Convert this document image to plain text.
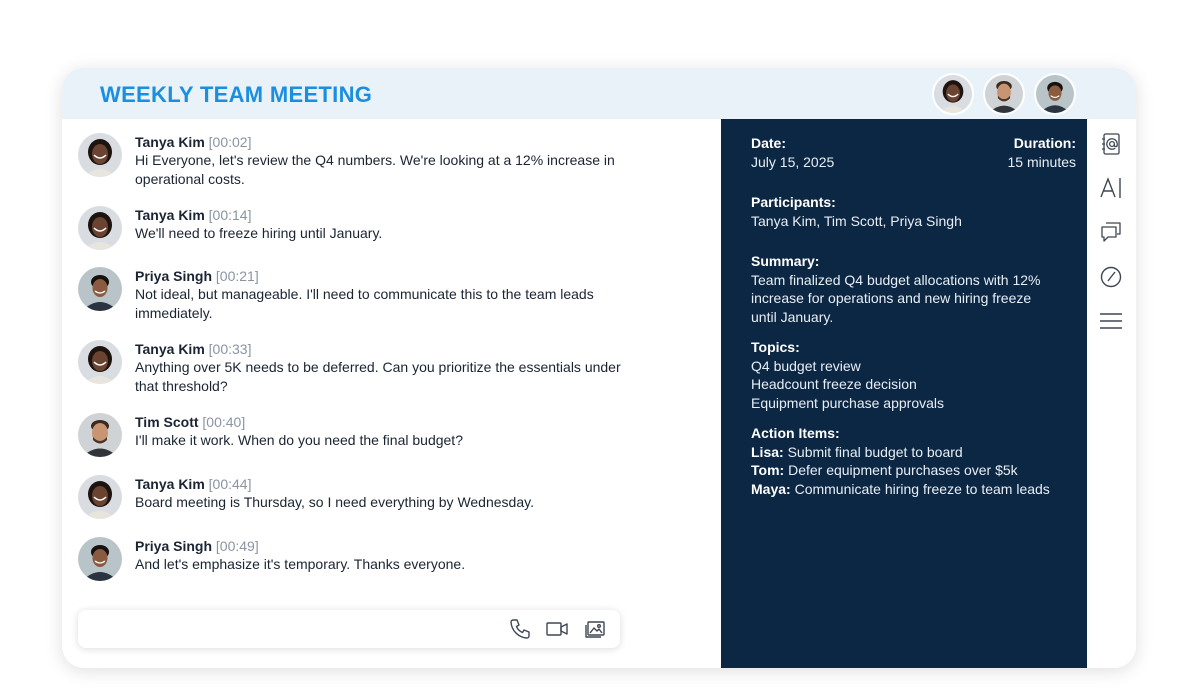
WEEKLY TEAM MEETING
Tanya Kim [00:02]
Hi Everyone, let's review the Q4 numbers. We're looking at a 12% increase in operational costs.
Tanya Kim [00:14]
We'll need to freeze hiring until January.
Priya Singh [00:21]
Not ideal, but manageable. I'll need to communicate this to the team leads immediately.
Tanya Kim [00:33]
Anything over 5K needs to be deferred. Can you prioritize the essentials under that threshold?
Tim Scott [00:40]
I'll make it work. When do you need the final budget?
Tanya Kim [00:44]
Board meeting is Thursday, so I need everything by Wednesday.
Priya Singh [00:49]
And let's emphasize it's temporary. Thanks everyone.
Date:
July 15, 2025
Duration:
15 minutes
Participants:
Tanya Kim, Tim Scott, Priya Singh
Summary:
Team finalized Q4 budget allocations with 12% increase for operations and new hiring freeze until January.
Topics:
Q4 budget review
Headcount freeze decision
Equipment purchase approvals
Action Items:
Lisa: Submit final budget to board
Tom: Defer equipment purchases over $5k
Maya: Communicate hiring freeze to team leads
